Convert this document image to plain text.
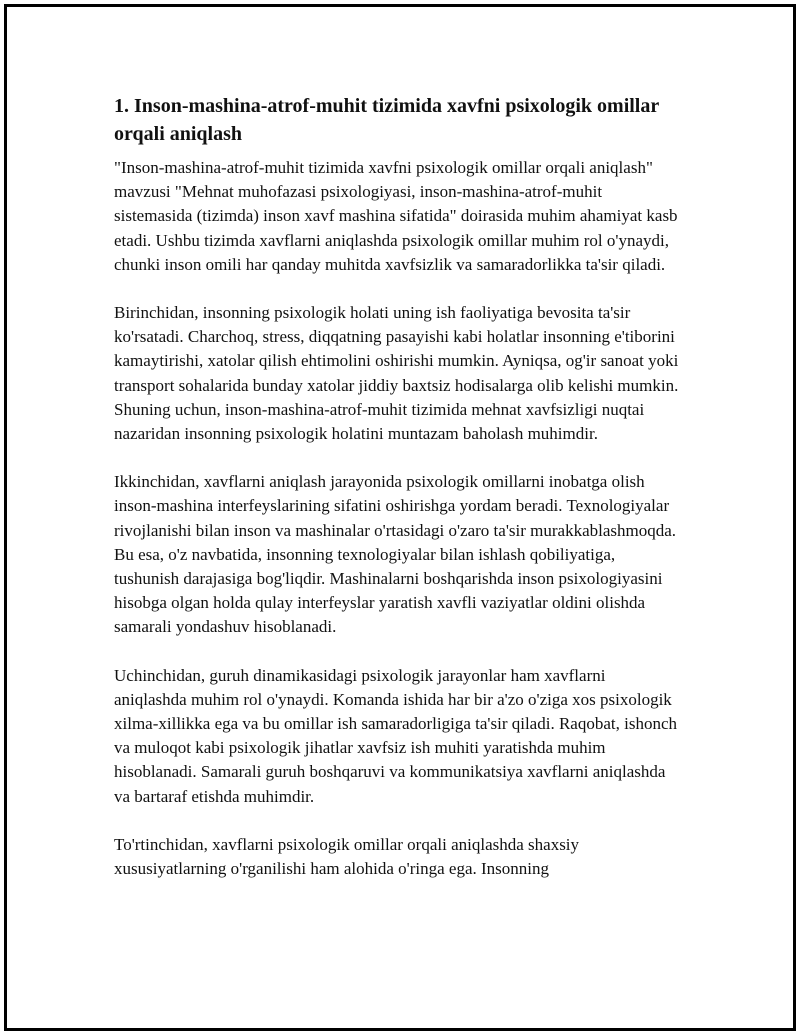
1. Inson-mashina-atrof-muhit tizimida xavfni psixologik omillar orqali aniqlash

"Inson-mashina-atrof-muhit tizimida xavfni psixologik omillar orqali aniqlash" mavzusi "Mehnat muhofazasi psixologiyasi, inson-mashina-atrof-muhit sistemasida (tizimda) inson xavf mashina sifatida" doirasida muhim ahamiyat kasb etadi. Ushbu tizimda xavflarni aniqlashda psixologik omillar muhim rol o'ynaydi, chunki inson omili har qanday muhitda xavfsizlik va samaradorlikka ta'sir qiladi.

Birinchidan, insonning psixologik holati uning ish faoliyatiga bevosita ta'sir ko'rsatadi. Charchoq, stress, diqqatning pasayishi kabi holatlar insonning e'tiborini kamaytirishi, xatolar qilish ehtimolini oshirishi mumkin. Ayniqsa, og'ir sanoat yoki transport sohalarida bunday xatolar jiddiy baxtsiz hodisalarga olib kelishi mumkin. Shuning uchun, inson-mashina-atrof-muhit tizimida mehnat xavfsizligi nuqtai nazaridan insonning psixologik holatini muntazam baholash muhimdir.

Ikkinchidan, xavflarni aniqlash jarayonida psixologik omillarni inobatga olish inson-mashina interfeyslarining sifatini oshirishga yordam beradi. Texnologiyalar rivojlanishi bilan inson va mashinalar o'rtasidagi o'zaro ta'sir murakkablashmoqda. Bu esa, o'z navbatida, insonning texnologiyalar bilan ishlash qobiliyatiga, tushunish darajasiga bog'liqdir. Mashinalarni boshqarishda inson psixologiyasini hisobga olgan holda qulay interfeyslar yaratish xavfli vaziyatlar oldini olishda samarali yondashuv hisoblanadi.

Uchinchidan, guruh dinamikasidagi psixologik jarayonlar ham xavflarni aniqlashda muhim rol o'ynaydi. Komanda ishida har bir a'zo o'ziga xos psixologik xilma-xillikka ega va bu omillar ish samaradorligiga ta'sir qiladi. Raqobat, ishonch va muloqot kabi psixologik jihatlar xavfsiz ish muhiti yaratishda muhim hisoblanadi. Samarali guruh boshqaruvi va kommunikatsiya xavflarni aniqlashda va bartaraf etishda muhimdir.

To'rtinchidan, xavflarni psixologik omillar orqali aniqlashda shaxsiy xususiyatlarning o'rganilishi ham alohida o'ringa ega. Insonning
